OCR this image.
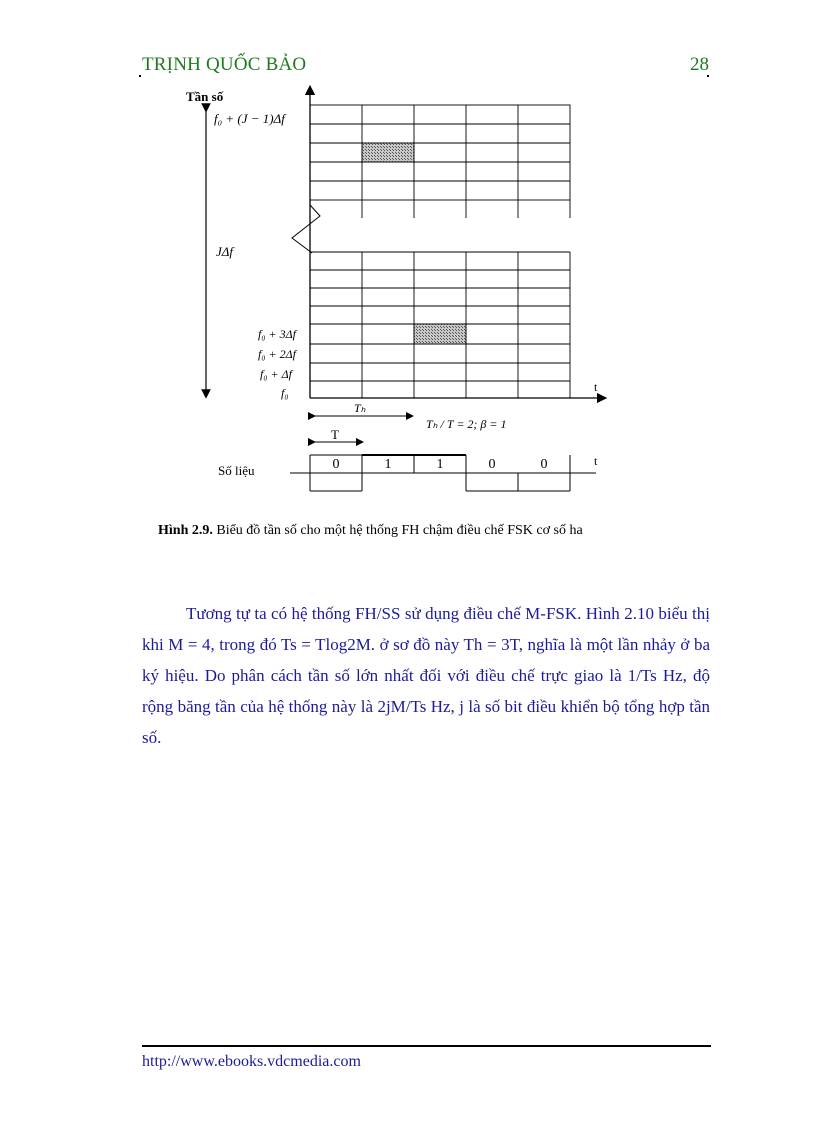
TRỊNH QUỐC BẢO	28
Tần số
t
f₀ + (J − 1)Δf
JΔf
f₀ + 3Δf
f₀ + 2Δf
f₀ + Δf
f₀
Tₕ
Tₕ / T = 2; β = 1
T
Số liệu
t
0	1	1	0	0
Hình 2.9. Biểu đồ tần số cho một hệ thống FH chậm điều chế FSK cơ số ha

Tương tự ta có hệ thống FH/SS sử dụng điều chế M-FSK. Hình 2.10 biểu thị khi M = 4, trong đó Ts = Tlog2M. ở sơ đồ này Th = 3T, nghĩa là một lần nhảy ở ba ký hiệu. Do phân cách tần số lớn nhất đối với điều chế trực giao là 1/Ts Hz, độ rộng băng tần của hệ thống này là 2jM/Ts Hz, j là số bit điều khiển bộ tổng hợp tần số.

http://www.ebooks.vdcmedia.com
